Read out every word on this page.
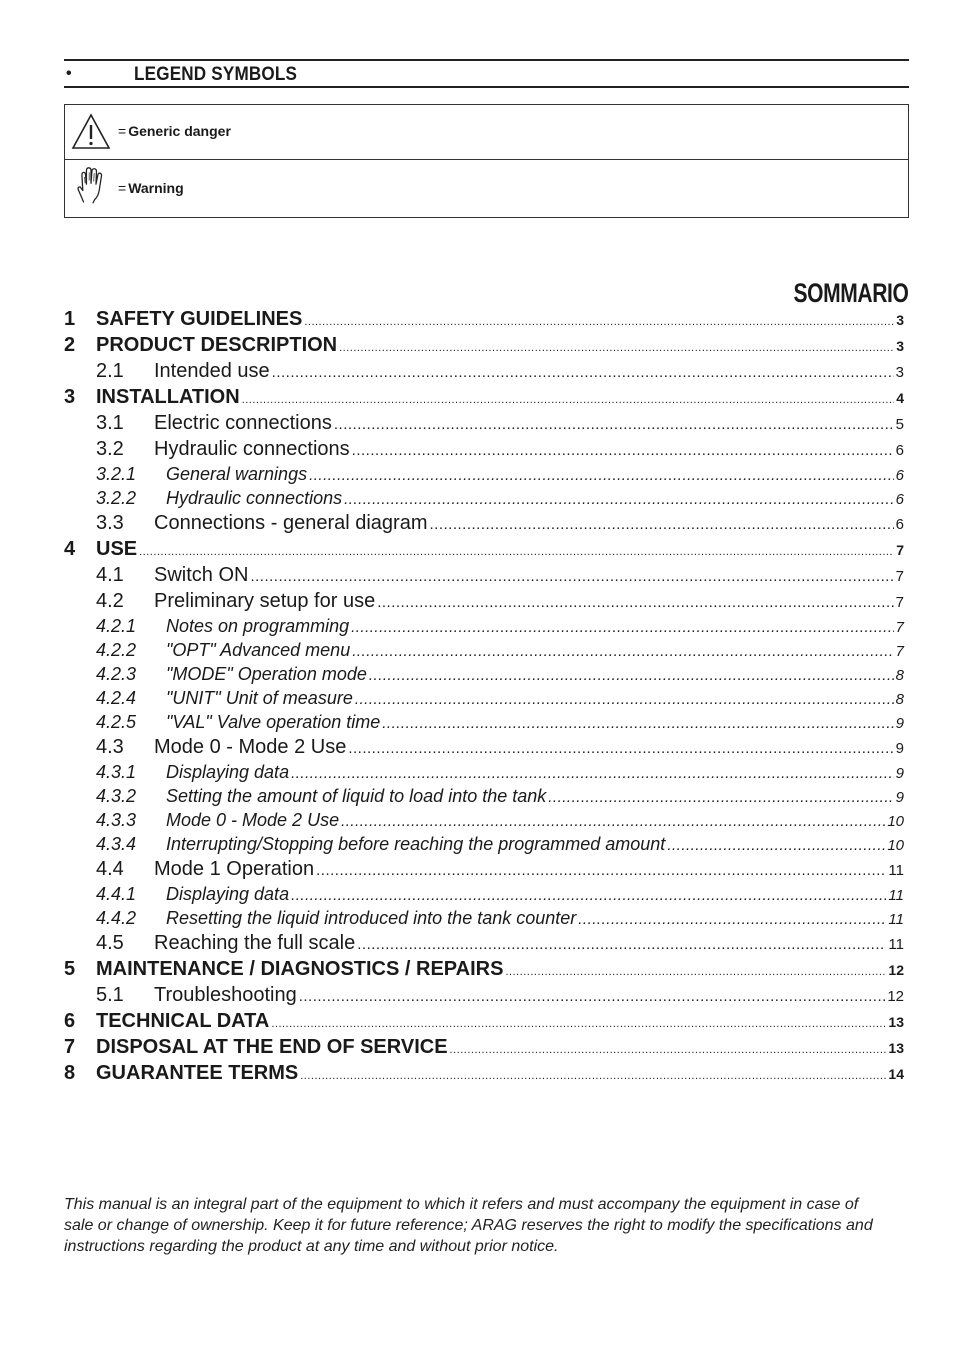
•	LEGEND SYMBOLS
= Generic danger
= Warning
SOMMARIO
1	SAFETY GUIDELINES .....	3
2	PRODUCT DESCRIPTION .....	3
2.1	Intended use .....	3
3	INSTALLATION .....	4
3.1	Electric connections .....	5
3.2	Hydraulic connections .....	6
3.2.1	General warnings .....	6
3.2.2	Hydraulic connections .....	6
3.3	Connections - general diagram .....	6
4	USE .....	7
4.1	Switch ON .....	7
4.2	Preliminary setup for use .....	7
4.2.1	Notes on programming .....	7
4.2.2	"OPT" Advanced menu .....	7
4.2.3	"MODE" Operation mode .....	8
4.2.4	"UNIT" Unit of measure .....	8
4.2.5	"VAL" Valve operation time .....	9
4.3	Mode 0 - Mode 2 Use .....	9
4.3.1	Displaying data .....	9
4.3.2	Setting the amount of liquid to load into the tank .....	9
4.3.3	Mode 0 - Mode 2 Use .....	10
4.3.4	Interrupting/Stopping before reaching the programmed amount .....	10
4.4	Mode 1 Operation .....	11
4.4.1	Displaying data .....	11
4.4.2	Resetting the liquid introduced into the tank counter .....	11
4.5	Reaching the full scale .....	11
5	MAINTENANCE / DIAGNOSTICS / REPAIRS .....	12
5.1	Troubleshooting .....	12
6	TECHNICAL DATA .....	13
7	DISPOSAL AT THE END OF SERVICE .....	13
8	GUARANTEE TERMS .....	14
This manual is an integral part of the equipment to which it refers and must accompany the equipment in case of sale or change of ownership. Keep it for future reference; ARAG reserves the right to modify the specifications and instructions regarding the product at any time and without prior notice.
